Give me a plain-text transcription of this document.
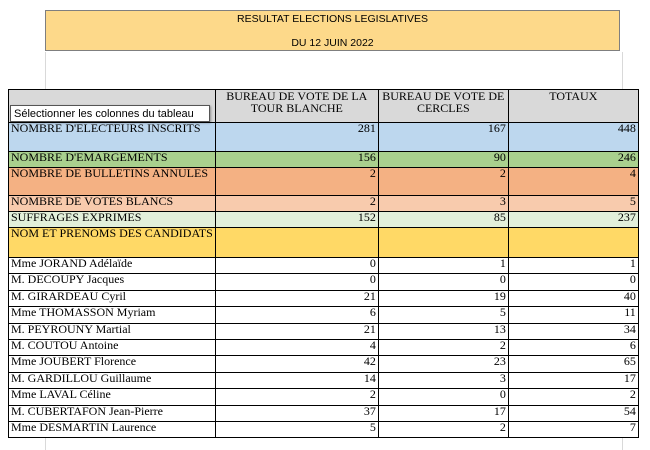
RESULTAT ELECTIONS LEGISLATIVES
DU 12 JUIN 2022
	BUREAU DE VOTE DE LA TOUR BLANCHE	BUREAU DE VOTE DE CERCLES	TOTAUX
NOMBRE D'ELECTEURS INSCRITS	281	167	448
NOMBRE D'EMARGEMENTS	156	90	246
NOMBRE DE BULLETINS ANNULES	2	2	4
NOMBRE DE VOTES BLANCS	2	3	5
SUFFRAGES EXPRIMES	152	85	237
NOM ET PRENOMS DES CANDIDATS			
Mme JORAND Adélaïde	0	1	1
M. DECOUPY Jacques	0	0	0
M. GIRARDEAU Cyril	21	19	40
Mme THOMASSON Myriam	6	5	11
M. PEYROUNY Martial	21	13	34
M. COUTOU Antoine	4	2	6
Mme JOUBERT Florence	42	23	65
M. GARDILLOU Guillaume	14	3	17
Mme LAVAL Céline	2	0	2
M. CUBERTAFON Jean-Pierre	37	17	54
Mme DESMARTIN Laurence	5	2	7
Sélectionner les colonnes du tableau
